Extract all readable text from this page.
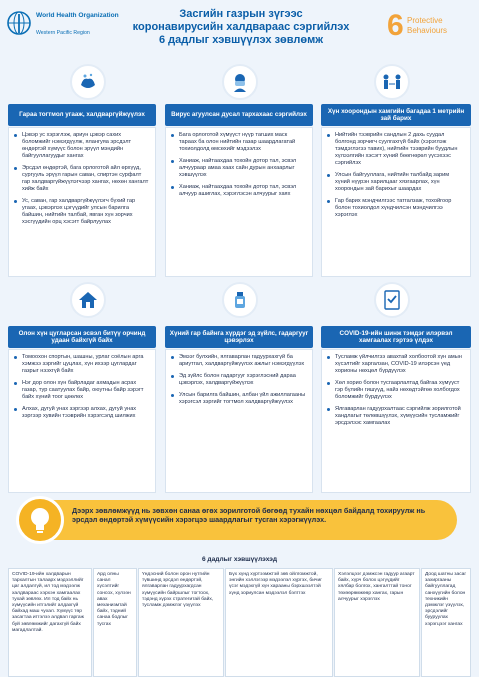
World Health Organization
Western Pacific Region
Засгийн газрын зүгээс
коронавирусийн халдвараас сэргийлэх
6 дадлыг хэвшүүлэх зөвлөмж	6 Protective
Behaviours
Гараа тогтмол угааж, халдваргүйжүүлэх	Вирус агуулсан дусал тархахаас сэргийлэх
Хүн хоорондын хамгийн багадаа 1 метрийн зай барих
Цэвэр ус хэрэглэж, ариун цэвэр сахих боломжийг нэмэгдүүлж, ялангуяа эрсдэлт өндөртэй хүмүүс болон эрүүл мэндийн байгууллагуудыг хангах
Эрсдэл өндөртэй, бага орлоготой айл өрхүүд, сургууль эрүүл гарын саван, спиртэн сурфалт гар халдваргүйжүүлэгчээр хангах, нөхөн хангалт хийж байх
Ус, саван, гар халдваргүйжүүлэгч бүхий гар угаах, цэвэрлэх цэгүүдийг улсын барилга байшин, нийтийн талбай, явган хүн зорчих хэсгүүдийн орц хэсэгт байрлуулах
Бага орлоготой хүмүүст нүүр тагших маск тараах ба олон нийтийн газар шаардлагатай тохиолдолд өмсөхийг мэдээлэх
Ханиаж, найтаахдаа тохойн дотор тал, эсвэл алчуураар амаа хаах сайн дурын анхаарлыг хэвшүүлэх
Ханиаж, найтаахдаа тохойн дотор тал, эсвэл алчуур ашиглах, хэрэглэсэн алчуурыг хаях
Нийтийн тээврийн сандлын 2 дахь суудал болгонд зорчигч суулгахгүй байх (хэрэглэж тэмдэглэгээ тавих), нийтийн тээврийн буудлын хүлээлгийн хэсэгт хүний бөөгнөрөл үүсэхээс сэргийлэх
Улсын байгууллага, нийтийн талбайд зарим хүний нүүрэн харилцааг хязгаарлах, хүн хоорондын зай барихыг шаардах
Гар барих мэндчилгээс татгалзаж, тохойгоор болон тохиолдол хүндчилсэн мэндчилгээ хэрэглэх
Олон хүн цугларсан эсвэл битүү орчинд удаан байхгүй байх
Хүний гар байнга хүрдэг эд зүйлс, гадаргууг цэвэрлэх
COVID-19-ийн шинж тэмдэг илэрвэл хамгаалах гэртээ үлдэх
Томоохон спортын, шашны, урлаг соёлын арга хэмжээ зэргийг цуцлах, хүн ихээр цуглардаг газрыг нээхгүй байх
Нэг дор олон хүн байрладаг ахмадын асрах газар, тур саатуулах байр, оюутны байр зэрэгт байх хүний тоог цөөлөх
Алхах, дугуй унах зэргээр алхах, дугуй унах зэргээр хувийн тээврийн хэрэгсэлд шилжих
Эмээг булхийн, ялгаварлан гадуурхахгүй ба ариутгал, халдваргүйжүүлэх ажлыг нэмэгдүүлэх
Эд зүйлс болон гадаргууг хэрэглэсний дараа цэвэрлэх, халдваргүйжүүлэх
Улсын барилга байшин, албан үйл ажиллагааны хэрэгсэл зэргийг тогтмол халдваргүйжүүлэх
Тусламж үйлчилгээ авахтай холбоотой хүн амын хүсэлтийг харгалзан, COVID-19 илэрсэн үед хорионы нөхцөл бүрдүүлэх
Хөл хорио болон тусгаарлалтад байгаа хүмүүст гэр бүлийн гишүүд, найз нөхөдтэйгөө холбогдох боломжийг бүрдүүлэх
Ялгаварлан гадуурхалтаас сэргийлж зорилготой хандлагыг төлөвшүүлэх, хүмүүсийн тусламжийг эрсдэлээс хамгаалах
Дээрх зөвлөмжүүд нь зөвхөн санаа өгөх зорилготой бөгөөд тухайн нөхцөл байдалд тохируулж нь эрсдэл өндөртэй хүмүүсийн хэрэгцээ шаардлагыг тусган хэрэгжүүлэх.
6 дадлыг хэвшүүлэхэд
COVID-19-ийн халдварын тархалтын талаарх мэдээллийг цаг алдалгүй, ил тод мэдээлж халдвараас хэрхэн хамгаалах тухай зөвлөх. Ил тод байх нь хүмүүсийн итгэлийг алдахгүй байхад маш чухал. Хүмүүс төр засагтаа итгэлээ алдвал гаргаж буй зөвлөмжийг дагахгүй байх магадлалтай.
Ард олны санал хүсэлтийг сонсох, хүлээн авах механизмтай байх, тэдний санаа бодлыг тусгах
Үндэсний болон орон нутгийн түвшинд эрсдэл өндөртэй, ялгаварлан гадуурхагдсан хүмүүсийн байршлыг тогтоох, тэдэнд хүрэх стратегитай байх, тусламж дэмжлэг үзүүлэх
Бүх хүнд хүртээмжтэй зөв ойлгомжтой, энгийн хэллэгээр мэдээлэл хүргэх, бичиг үсэг мэдэхгүй хүн харааны бэрхшээлтэй хүнд зориулсан мэдээлэл бэлтгэх
Хэлэлцээг дэмжсэн гадуур агаарт байх, хүрч болох цэгүүдийг хялбар болгох, хангалттай тоног төхөөрөмжөөр хангах, гарын алчуурыг хэрэглэх
Доод шатны засаг захиргааны байгууллагад санхүүгийн болон техникийн дэмжлэг үзүүлэх, эрсдэлийг бууруулах хэрэгцээг хангах
